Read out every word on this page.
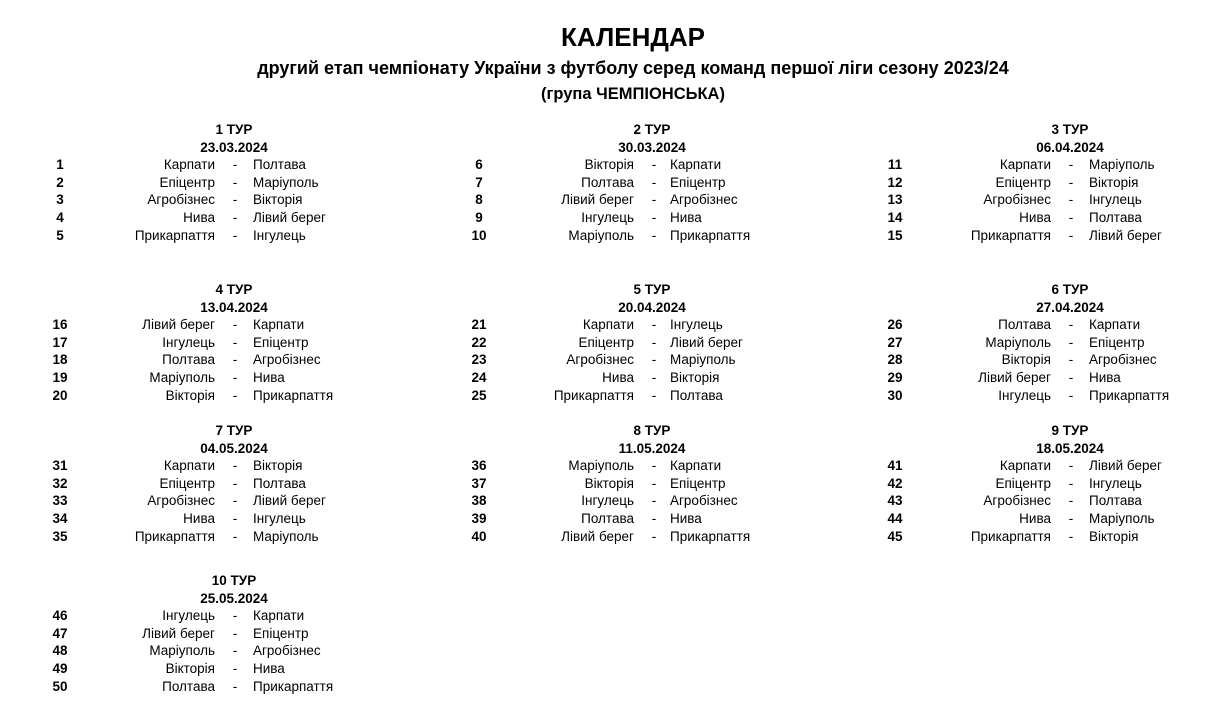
КАЛЕНДАР
другий етап чемпіонату України з футболу серед команд першої ліги сезону 2023/24
(група ЧЕМПІОНСЬКА)
1 ТУР
23.03.2024
1	Карпати - Полтава
2	Епіцентр - Маріуполь
3	Агробізнес - Вікторія
4	Нива - Лівий берег
5	Прикарпаття - Інгулець
2 ТУР
30.03.2024
6	Вікторія - Карпати
7	Полтава - Епіцентр
8	Лівий берег - Агробізнес
9	Інгулець - Нива
10	Маріуполь - Прикарпаття
3 ТУР
06.04.2024
11	Карпати - Маріуполь
12	Епіцентр - Вікторія
13	Агробізнес - Інгулець
14	Нива - Полтава
15	Прикарпаття - Лівий берег
4 ТУР
13.04.2024
16	Лівий берег - Карпати
17	Інгулець - Епіцентр
18	Полтава - Агробізнес
19	Маріуполь - Нива
20	Вікторія - Прикарпаття
5 ТУР
20.04.2024
21	Карпати - Інгулець
22	Епіцентр - Лівий берег
23	Агробізнес - Маріуполь
24	Нива - Вікторія
25	Прикарпаття - Полтава
6 ТУР
27.04.2024
26	Полтава - Карпати
27	Маріуполь - Епіцентр
28	Вікторія - Агробізнес
29	Лівий берег - Нива
30	Інгулець - Прикарпаття
7 ТУР
04.05.2024
31	Карпати - Вікторія
32	Епіцентр - Полтава
33	Агробізнес - Лівий берег
34	Нива - Інгулець
35	Прикарпаття - Маріуполь
8 ТУР
11.05.2024
36	Маріуполь - Карпати
37	Вікторія - Епіцентр
38	Інгулець - Агробізнес
39	Полтава - Нива
40	Лівий берег - Прикарпаття
9 ТУР
18.05.2024
41	Карпати - Лівий берег
42	Епіцентр - Інгулець
43	Агробізнес - Полтава
44	Нива - Маріуполь
45	Прикарпаття - Вікторія
10 ТУР
25.05.2024
46	Інгулець - Карпати
47	Лівий берег - Епіцентр
48	Маріуполь - Агробізнес
49	Вікторія - Нива
50	Полтава - Прикарпаття
